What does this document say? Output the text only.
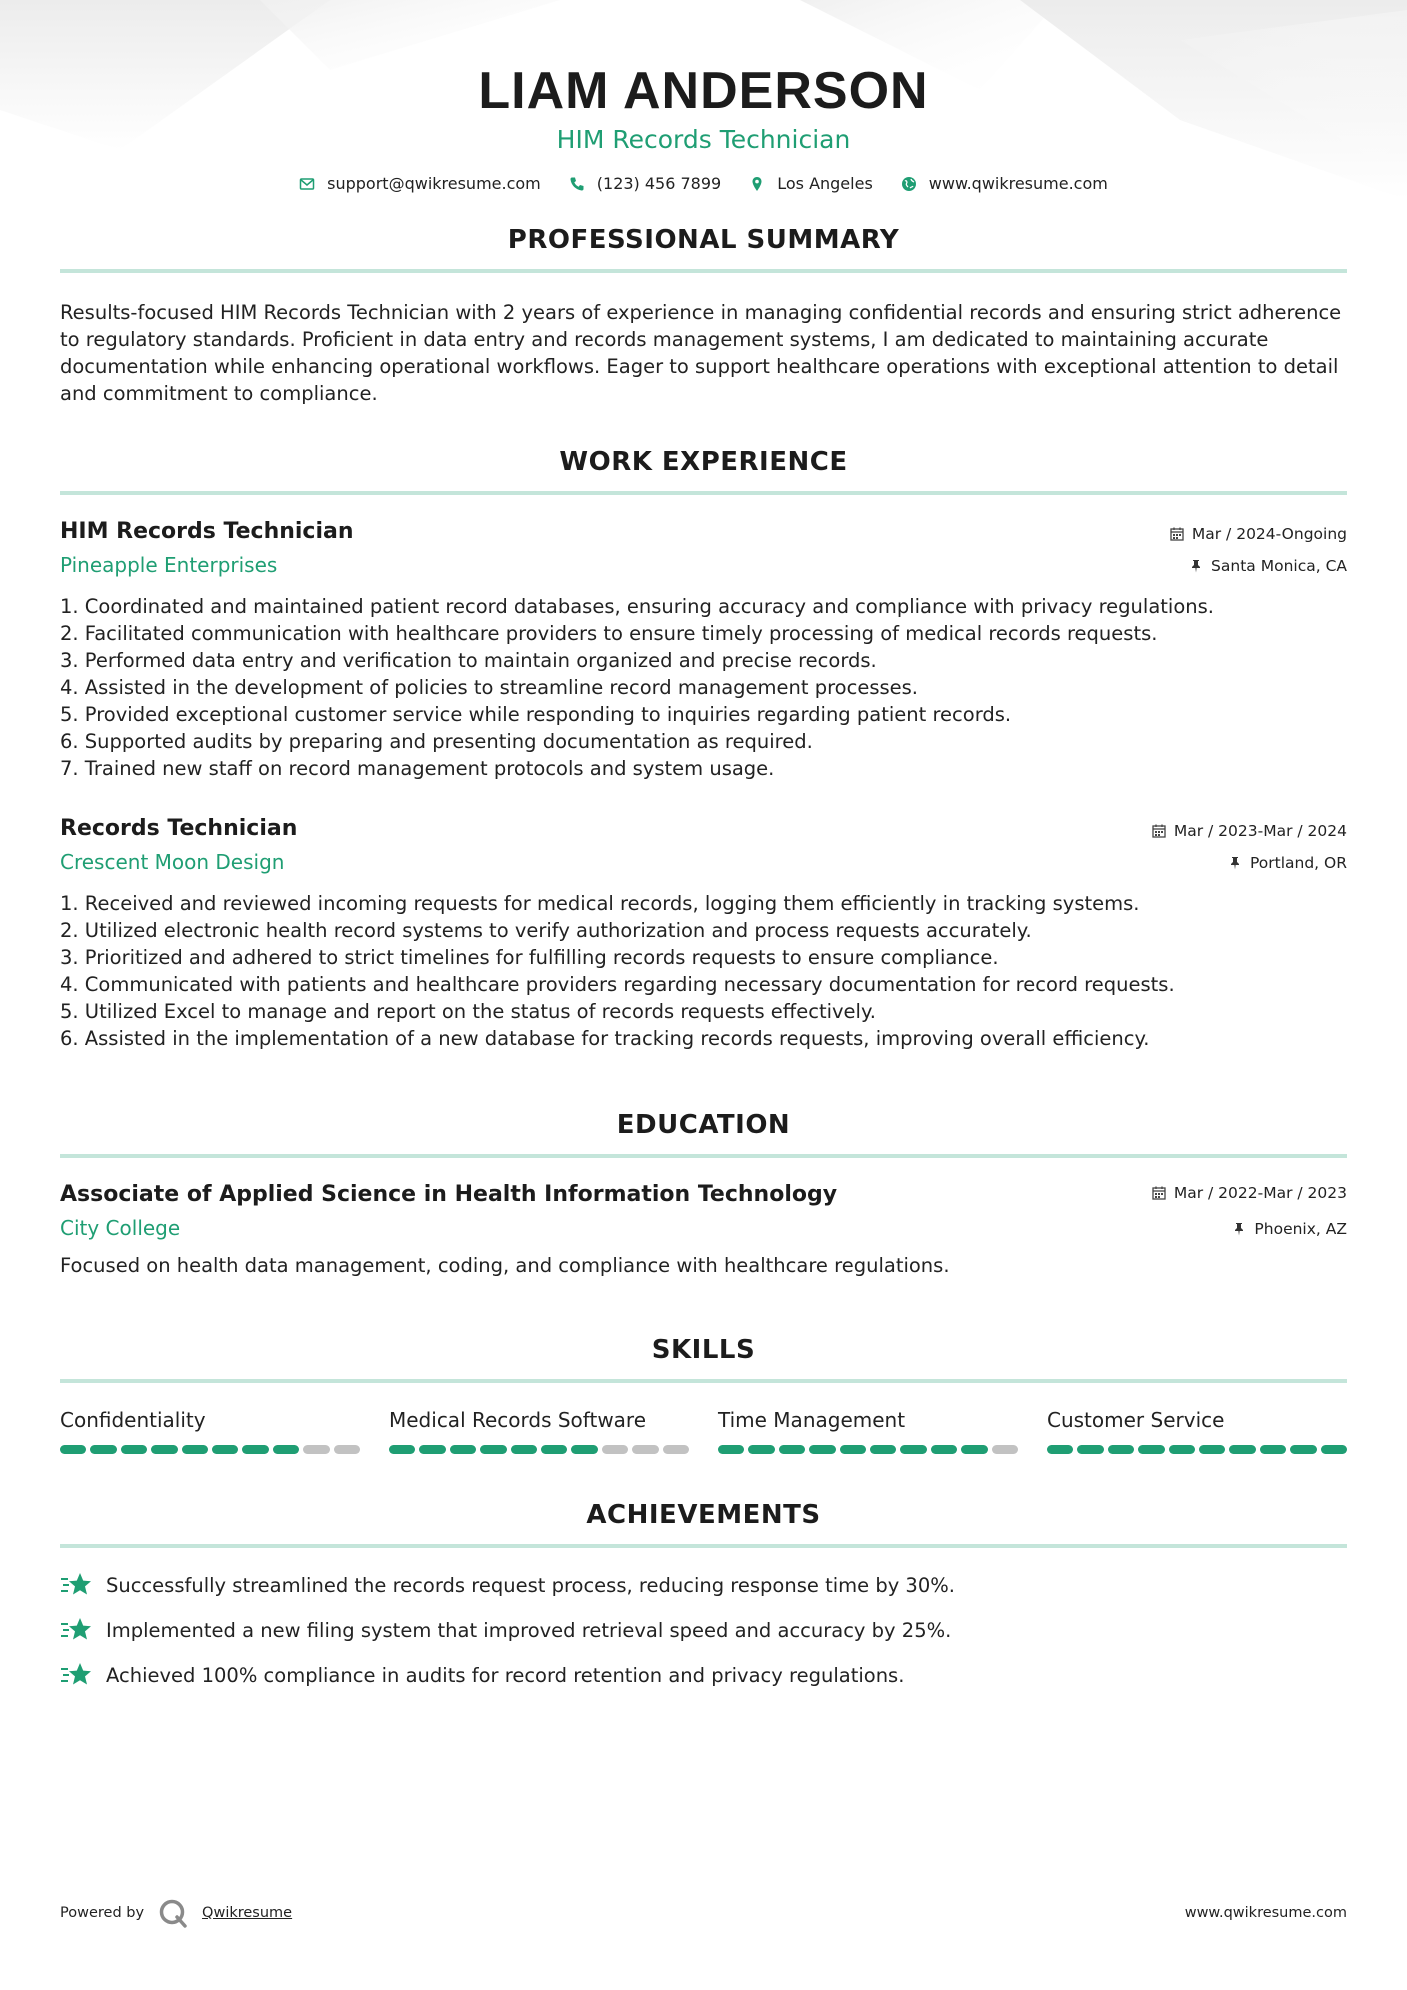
LIAM ANDERSON
HIM Records Technician
support@qwikresume.com	(123) 456 7899	Los Angeles	www.qwikresume.com
PROFESSIONAL SUMMARY

Results-focused HIM Records Technician with 2 years of experience in managing confidential records and ensuring strict adherence to regulatory standards. Proficient in data entry and records management systems, I am dedicated to maintaining accurate documentation while enhancing operational workflows. Eager to support healthcare operations with exceptional attention to detail and commitment to compliance.

WORK EXPERIENCE
HIM Records Technician
Pineapple Enterprises
Mar / 2024-Ongoing
Santa Monica, CA
1. Coordinated and maintained patient record databases, ensuring accuracy and compliance with privacy regulations.
2. Facilitated communication with healthcare providers to ensure timely processing of medical records requests.
3. Performed data entry and verification to maintain organized and precise records.
4. Assisted in the development of policies to streamline record management processes.
5. Provided exceptional customer service while responding to inquiries regarding patient records.
6. Supported audits by preparing and presenting documentation as required.
7. Trained new staff on record management protocols and system usage.
Records Technician
Crescent Moon Design
Mar / 2023-Mar / 2024
Portland, OR
1. Received and reviewed incoming requests for medical records, logging them efficiently in tracking systems.
2. Utilized electronic health record systems to verify authorization and process requests accurately.
3. Prioritized and adhered to strict timelines for fulfilling records requests to ensure compliance.
4. Communicated with patients and healthcare providers regarding necessary documentation for record requests.
5. Utilized Excel to manage and report on the status of records requests effectively.
6. Assisted in the implementation of a new database for tracking records requests, improving overall efficiency.
EDUCATION
Associate of Applied Science in Health Information Technology
City College
Mar / 2022-Mar / 2023
Phoenix, AZ

Focused on health data management, coding, and compliance with healthcare regulations.

SKILLS
Confidentiality	Medical Records Software	Time Management	Customer Service
ACHIEVEMENTS
Successfully streamlined the records request process, reducing response time by 30%.
Implemented a new filing system that improved retrieval speed and accuracy by 25%.
Achieved 100% compliance in audits for record retention and privacy regulations.
Powered by	Qwikresume	www.qwikresume.com
